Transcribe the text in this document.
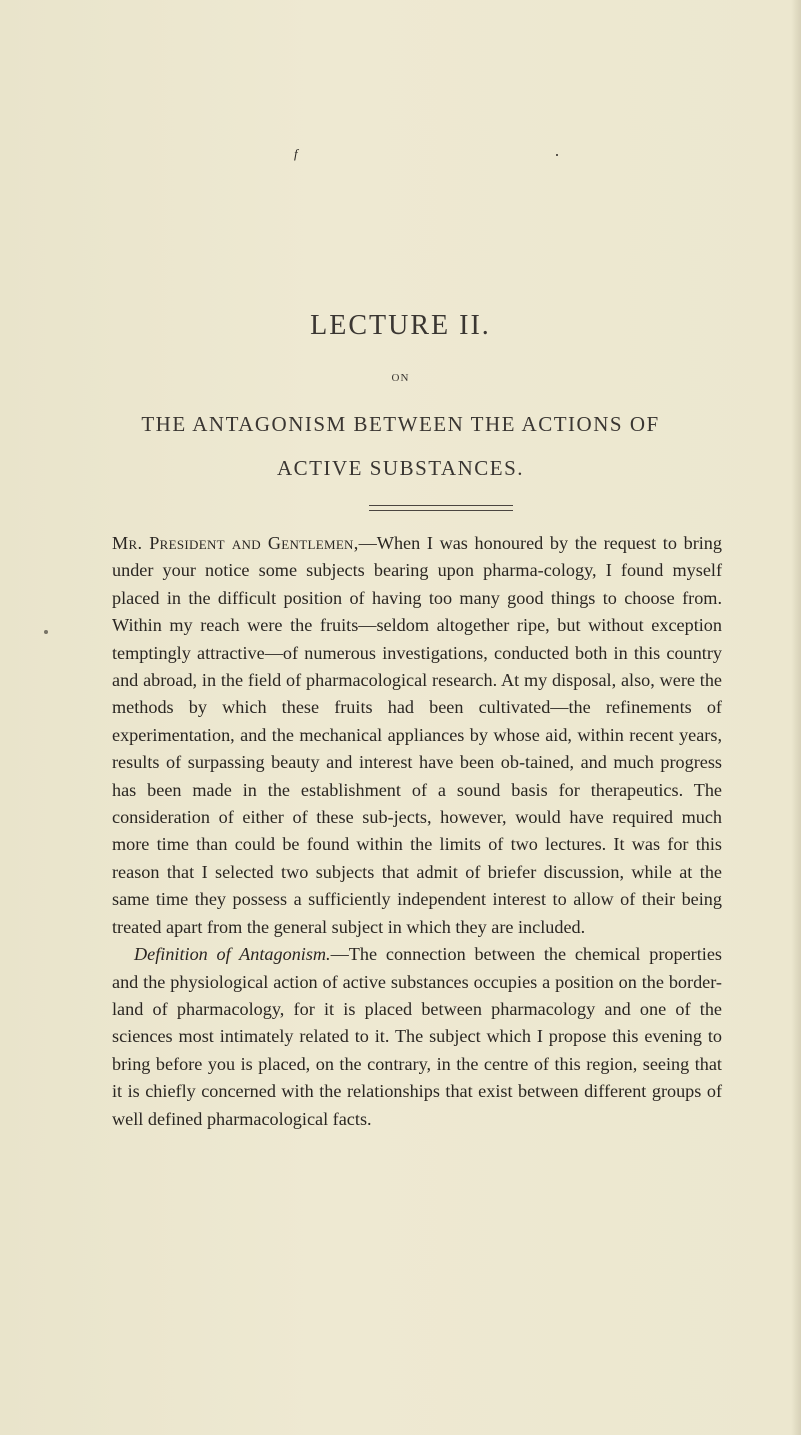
f
LECTURE II.
ON
THE ANTAGONISM BETWEEN THE ACTIONS OF
ACTIVE SUBSTANCES.

Mr. President and Gentlemen,—When I was honoured by the request to bring under your notice some subjects bearing upon pharma-cology, I found myself placed in the difficult position of having too many good things to choose from. Within my reach were the fruits—seldom altogether ripe, but without exception temptingly attractive—of numerous investigations, conducted both in this country and abroad, in the field of pharmacological research. At my disposal, also, were the methods by which these fruits had been cultivated—the refinements of experimentation, and the mechanical appliances by whose aid, within recent years, results of surpassing beauty and interest have been ob-tained, and much progress has been made in the establishment of a sound basis for therapeutics. The consideration of either of these sub-jects, however, would have required much more time than could be found within the limits of two lectures. It was for this reason that I selected two subjects that admit of briefer discussion, while at the same time they possess a sufficiently independent interest to allow of their being treated apart from the general subject in which they are included.

Definition of Antagonism.—The connection between the chemical properties and the physiological action of active substances occupies a position on the border-land of pharmacology, for it is placed between pharmacology and one of the sciences most intimately related to it. The subject which I propose this evening to bring before you is placed, on the contrary, in the centre of this region, seeing that it is chiefly concerned with the relationships that exist between different groups of well defined pharmacological facts.
